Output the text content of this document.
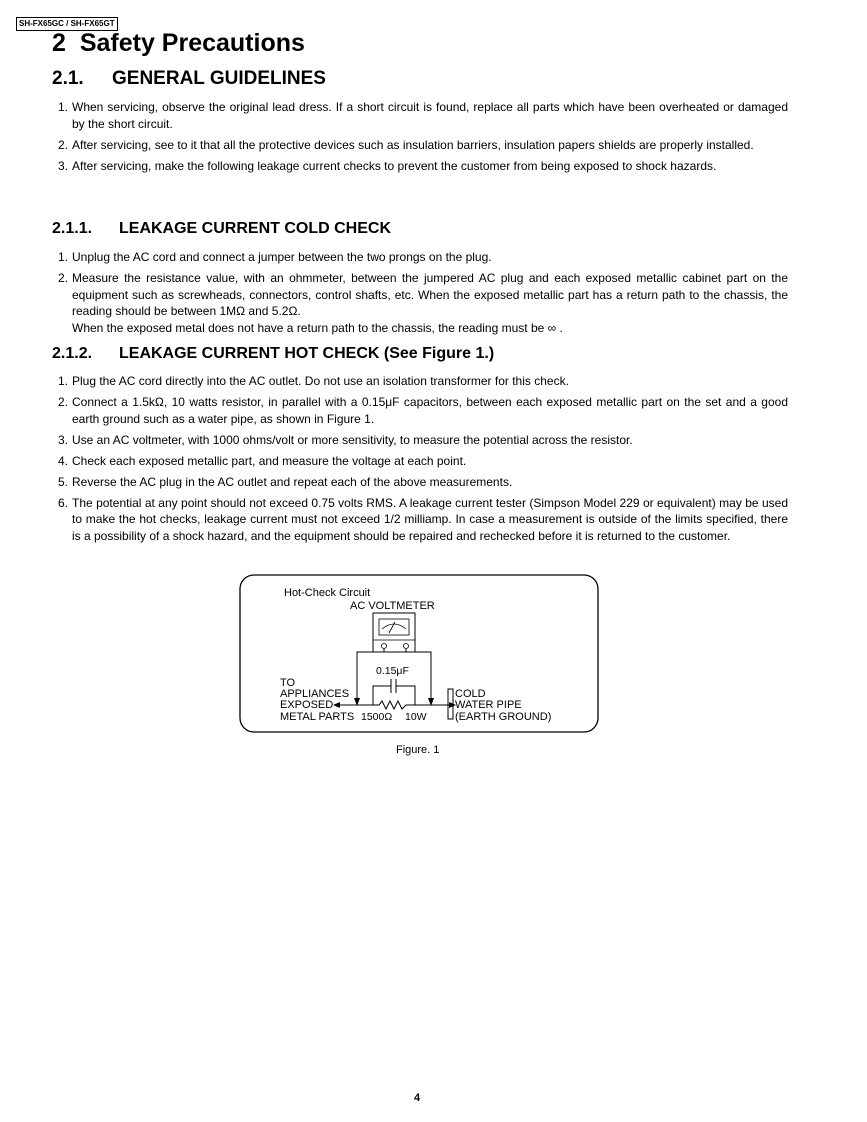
SH-FX65GC / SH-FX65GT
2 Safety Precautions
2.1. GENERAL GUIDELINES
1. When servicing, observe the original lead dress. If a short circuit is found, replace all parts which have been overheated or damaged by the short circuit.
2. After servicing, see to it that all the protective devices such as insulation barriers, insulation papers shields are properly installed.
3. After servicing, make the following leakage current checks to prevent the customer from being exposed to shock hazards.
2.1.1. LEAKAGE CURRENT COLD CHECK
1. Unplug the AC cord and connect a jumper between the two prongs on the plug.
2. Measure the resistance value, with an ohmmeter, between the jumpered AC plug and each exposed metallic cabinet part on the equipment such as screwheads, connectors, control shafts, etc. When the exposed metallic part has a return path to the chassis, the reading should be between 1MΩ and 5.2Ω.
When the exposed metal does not have a return path to the chassis, the reading must be ∞ .
2.1.2. LEAKAGE CURRENT HOT CHECK (See Figure 1.)
1. Plug the AC cord directly into the AC outlet. Do not use an isolation transformer for this check.
2. Connect a 1.5kΩ, 10 watts resistor, in parallel with a 0.15μF capacitors, between each exposed metallic part on the set and a good earth ground such as a water pipe, as shown in Figure 1.
3. Use an AC voltmeter, with 1000 ohms/volt or more sensitivity, to measure the potential across the resistor.
4. Check each exposed metallic part, and measure the voltage at each point.
5. Reverse the AC plug in the AC outlet and repeat each of the above measurements.
6. The potential at any point should not exceed 0.75 volts RMS. A leakage current tester (Simpson Model 229 or equivalent) may be used to make the hot checks, leakage current must not exceed 1/2 milliamp. In case a measurement is outside of the limits specified, there is a possibility of a shock hazard, and the equipment should be repaired and rechecked before it is returned to the customer.
Hot-Check Circuit
AC VOLTMETER
0.15μF
TO
APPLIANCES
EXPOSED
METAL PARTS 1500Ω 10W
COLD
WATER PIPE
(EARTH GROUND)
Figure. 1
4
